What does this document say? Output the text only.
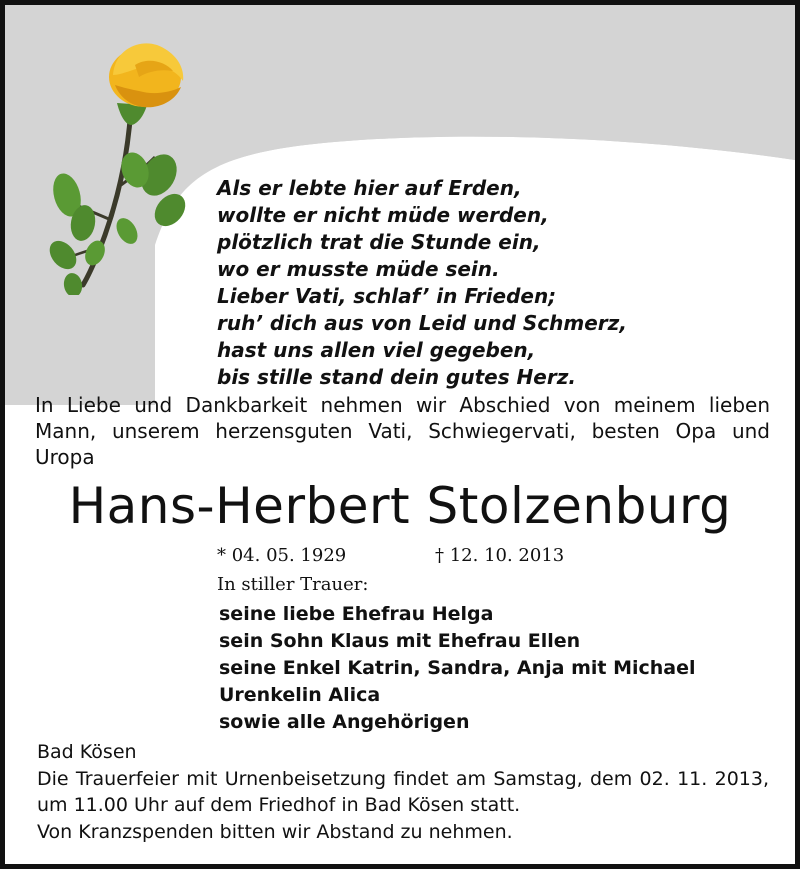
Als er lebte hier auf Erden,
wollte er nicht müde werden,
plötzlich trat die Stunde ein,
wo er musste müde sein.
Lieber Vati, schlaf’ in Frieden;
ruh’ dich aus von Leid und Schmerz,
hast uns allen viel gegeben,
bis stille stand dein gutes Herz.

In Liebe und Dankbarkeit nehmen wir Abschied von meinem lieben Mann, unserem herzensguten Vati, Schwiegervati, besten Opa und Uropa

Hans-Herbert Stolzenburg
* 04. 05. 1929	† 12. 10. 2013
In stiller Trauer:
seine liebe Ehefrau Helga
sein Sohn Klaus mit Ehefrau Ellen
seine Enkel Katrin, Sandra, Anja mit Michael
Urenkelin Alica
sowie alle Angehörigen
Bad Kösen

Die Trauerfeier mit Urnenbeisetzung findet am Samstag, dem 02. 11. 2013, um 11.00 Uhr auf dem Friedhof in Bad Kösen statt.

Von Kranzspenden bitten wir Abstand zu nehmen.
